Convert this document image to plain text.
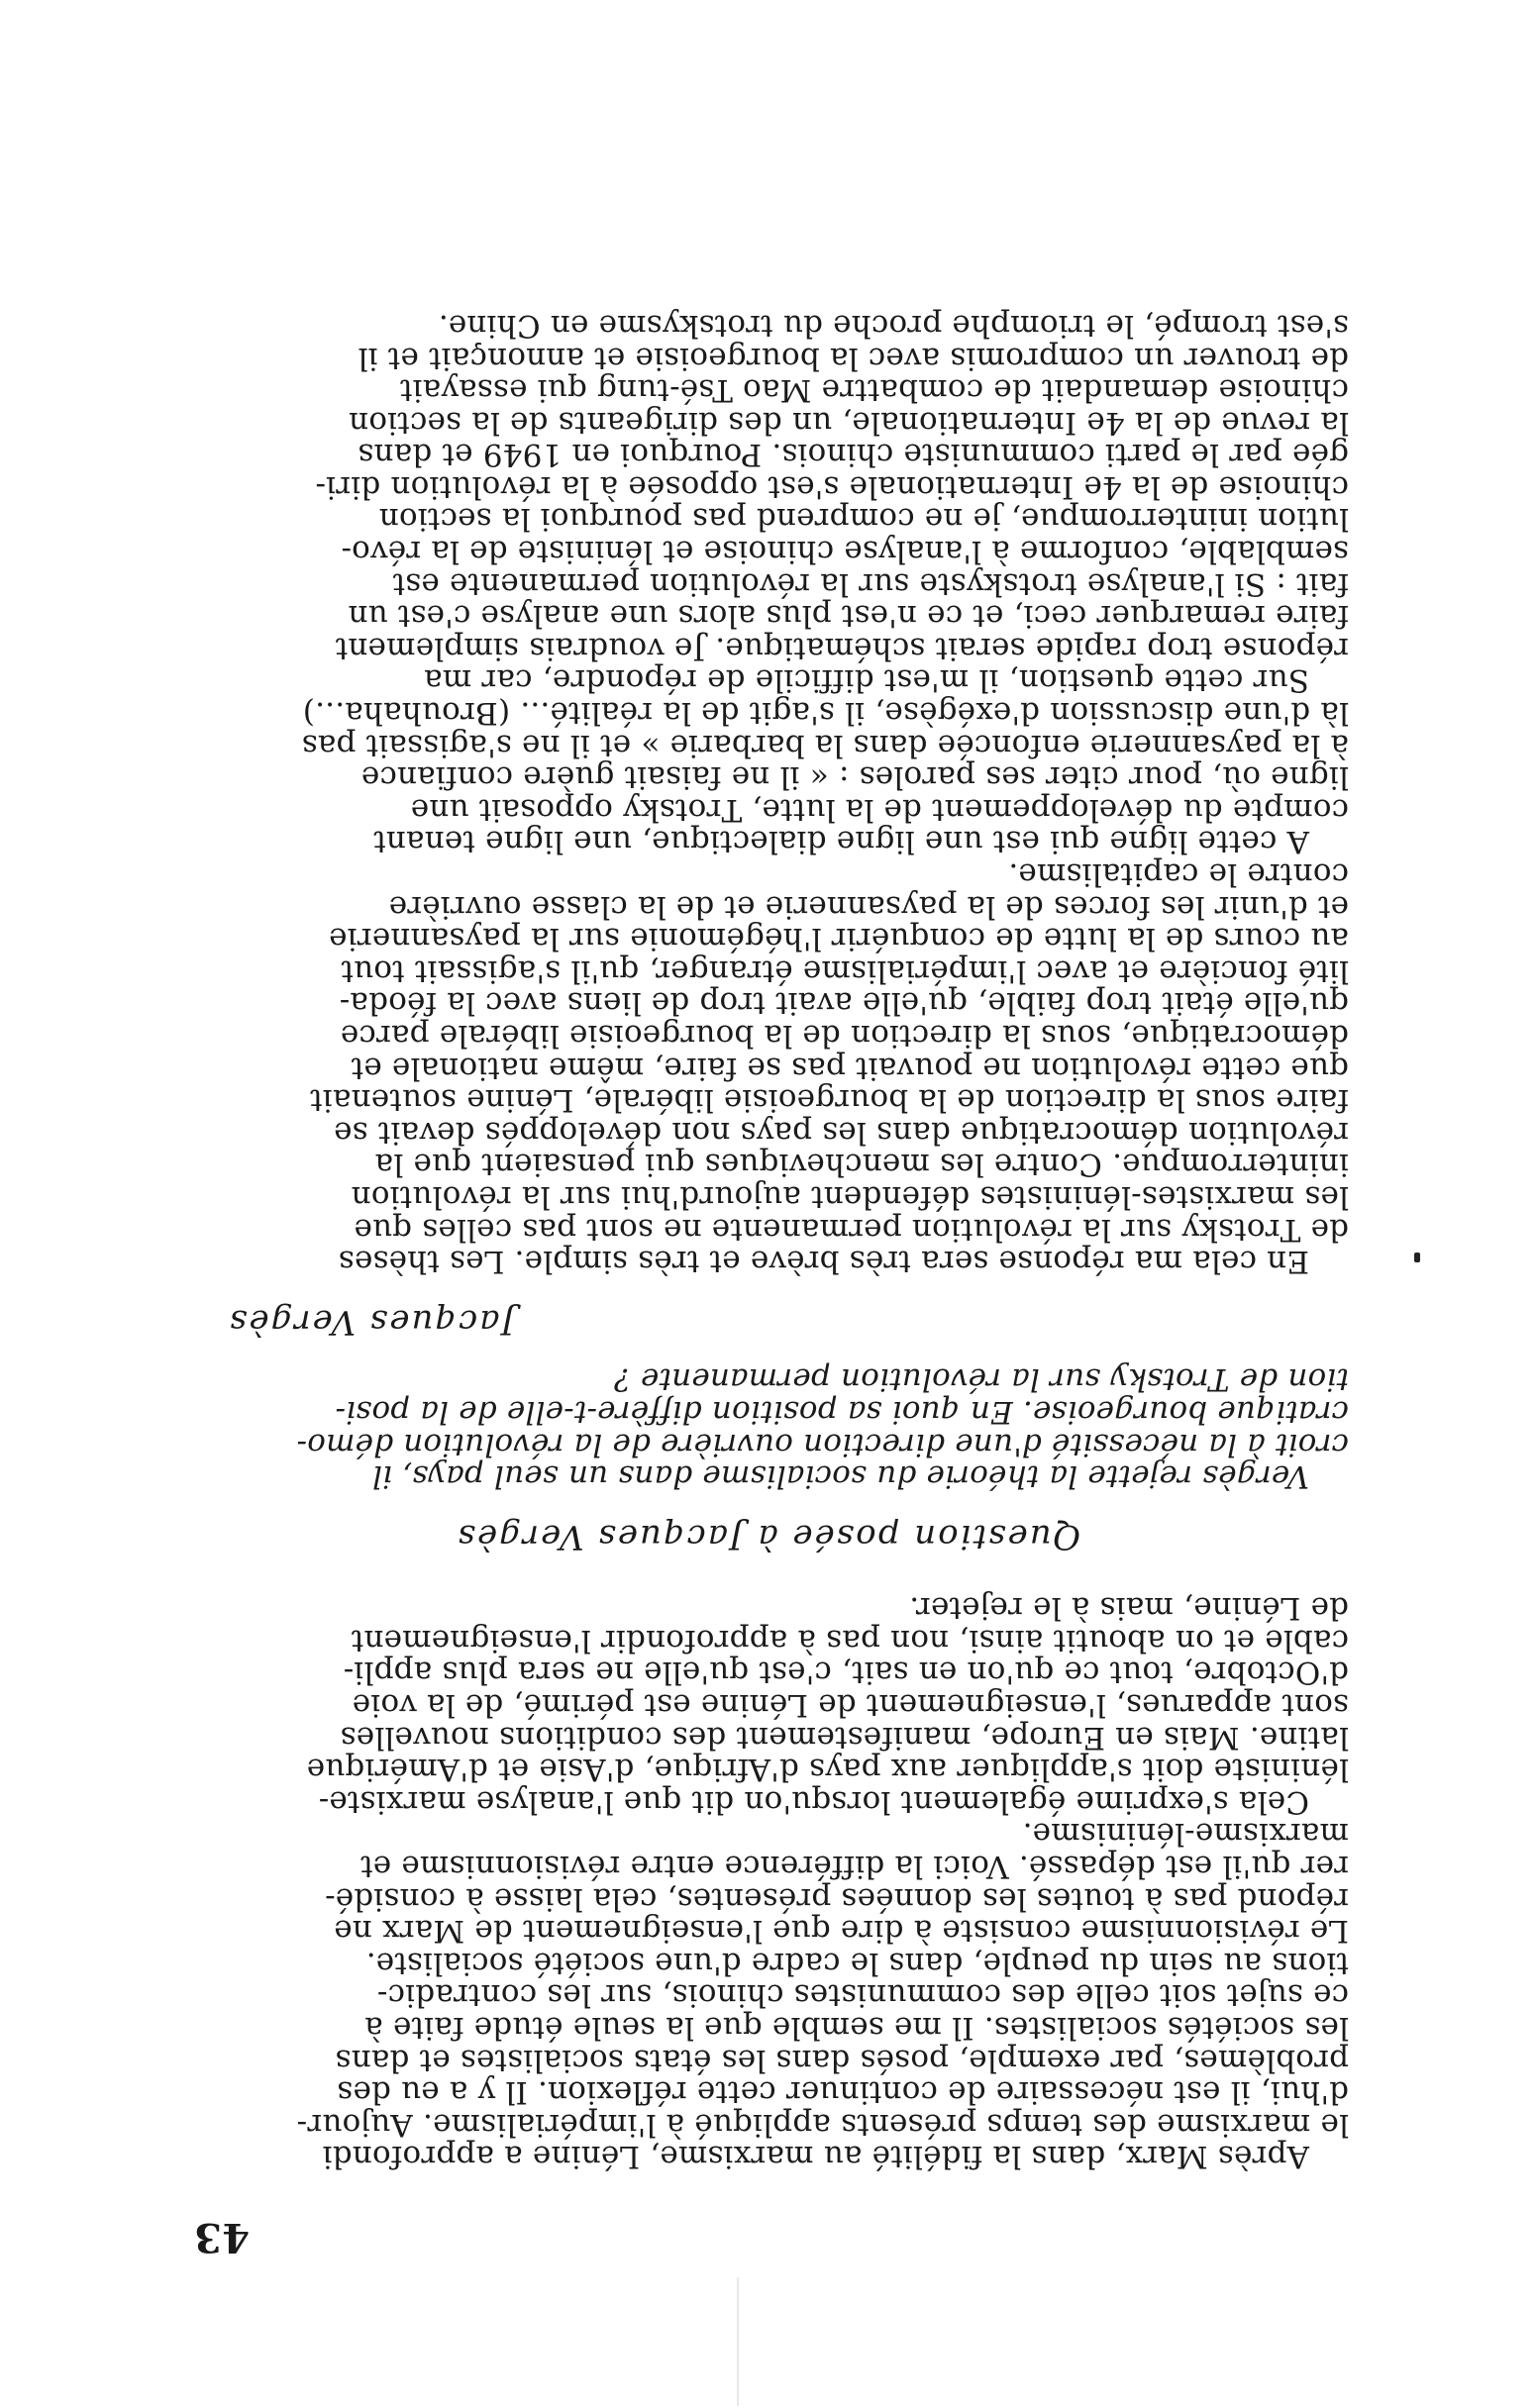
43

Après Marx, dans la fidélité au marxisme, Lénine a approfondi
le marxisme des temps présents appliqué à l'impérialisme. Aujour-
d'hui, il est nécessaire de continuer cette réflexion. Il y a eu des
problèmes, par exemple, posés dans les états socialistes et dans
les sociétés socialistes. Il me semble que la seule étude faite à
ce sujet soit celle des communistes chinois, sur les contradic-
tions au sein du peuple, dans le cadre d'une société socialiste.
Le révisionnisme consiste à dire que l'enseignement de Marx ne
répond pas à toutes les données présentes, cela laisse à considé-
rer qu'il est dépassé. Voici la différence entre révisionnisme et
marxisme-léninisme.

Cela s'exprime également lorsqu'on dit que l'analyse marxiste-
léniniste doit s'appliquer aux pays d'Afrique, d'Asie et d'Amérique
latine. Mais en Europe, manifestement des conditions nouvelles
sont apparues, l'enseignement de Lénine est périmé, de la voie
d'Octobre, tout ce qu'on en sait, c'est qu'elle ne sera plus appli-
cable et on aboutit ainsi, non pas à approfondir l'enseignement
de Lénine, mais à le rejeter.

Question posée à Jacques Vergès

Vergès rejette la théorie du socialisme dans un seul pays, il
croit à la nécessité d'une direction ouvrière de la révolution démo-
cratique bourgeoise. En quoi sa position diffère-t-elle de la posi-
tion de Trotsky sur la révolution permanente ?

Jacques Vergès

En cela ma réponse sera très brève et très simple. Les thèses
de Trotsky sur la révolution permanente ne sont pas celles que
les marxistes-léninistes défendent aujourd'hui sur la révolution
ininterrompue. Contre les mencheviques qui pensaient que la
révolution démocratique dans les pays non développés devait se
faire sous la direction de la bourgeoisie libérale, Lénine soutenait
que cette révolution ne pouvait pas se faire, même nationale et
démocratique, sous la direction de la bourgeoisie libérale parce
qu'elle était trop faible, qu'elle avait trop de liens avec la féoda-
lité foncière et avec l'impérialisme étranger, qu'il s'agissait tout
au cours de la lutte de conquérir l'hégémonie sur la paysannerie
et d'unir les forces de la paysannerie et de la classe ouvrière
contre le capitalisme.

A cette ligne qui est une ligne dialectique, une ligne tenant
compte du développement de la lutte, Trotsky opposait une
ligne où, pour citer ses paroles : « il ne faisait guère confiance
à la paysannerie enfoncée dans la barbarie » et il ne s'agissait pas
là d'une discussion d'exégèse, il s'agit de la réalité... (Brouhaha...)

Sur cette question, il m'est difficile de répondre, car ma
réponse trop rapide serait schématique. Je voudrais simplement
faire remarquer ceci, et ce n'est plus alors une analyse c'est un
fait : Si l'analyse trotskyste sur la révolution permanente est
semblable, conforme à l'analyse chinoise et léniniste de la révo-
lution ininterrompue, je ne comprend pas pourquoi la section
chinoise de la 4e Internationale s'est opposée à la révolution diri-
gée par le parti communiste chinois. Pourquoi en 1949 et dans
la revue de la 4e Internationale, un des dirigeants de la section
chinoise demandait de combattre Mao Tsé-tung qui essayait
de trouver un compromis avec la bourgeoisie et annonçait et il
s'est trompé, le triomphe proche du trotskysme en Chine.
